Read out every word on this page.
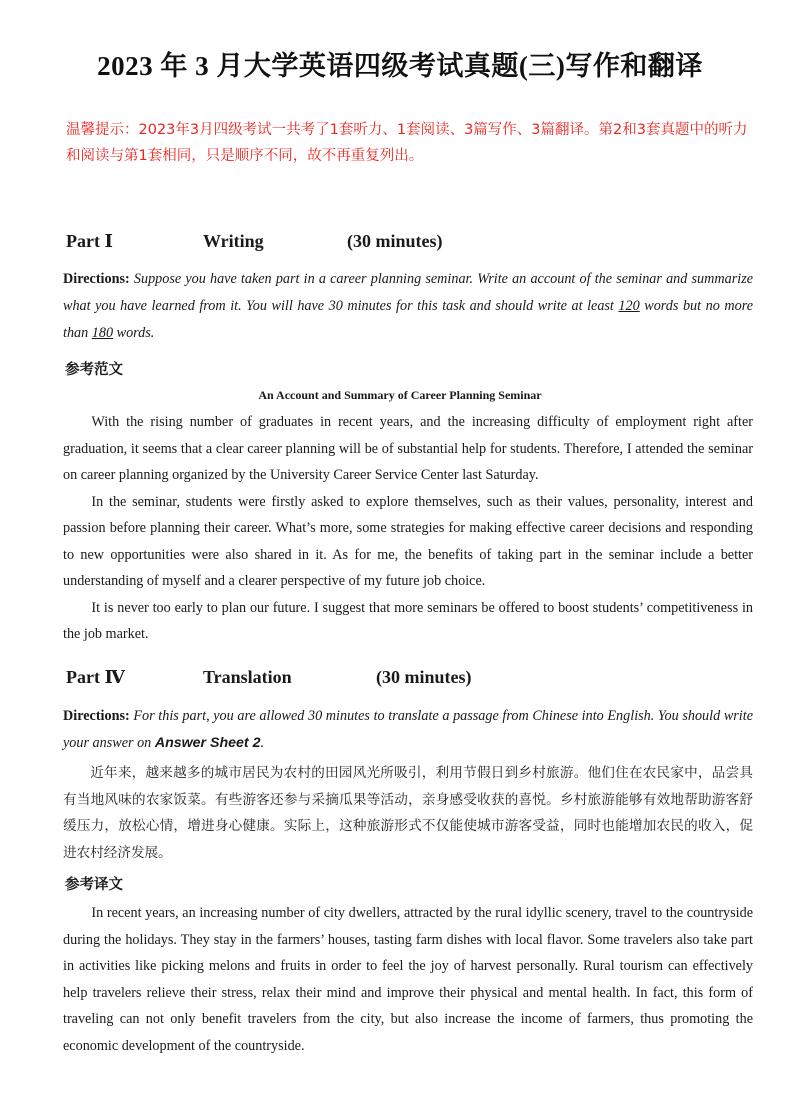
2023 年 3 月大学英语四级考试真题(三)写作和翻译
温馨提示：2023年3月四级考试一共考了1套听力、1套阅读、3篇写作、3篇翻译。第2和3套真题中的听力和阅读与第1套相同，只是顺序不同，故不再重复列出。
Part Ⅰ	Writing	(30 minutes)
Directions: Suppose you have taken part in a career planning seminar. Write an account of the seminar and summarize what you have learned from it. You will have 30 minutes for this task and should write at least 120 words but no more than 180 words.
参考范文
An Account and Summary of Career Planning Seminar

With the rising number of graduates in recent years, and the increasing difficulty of employment right after graduation, it seems that a clear career planning will be of substantial help for students. Therefore, I attended the seminar on career planning organized by the University Career Service Center last Saturday.

In the seminar, students were firstly asked to explore themselves, such as their values, personality, interest and passion before planning their career. What’s more, some strategies for making effective career decisions and responding to new opportunities were also shared in it. As for me, the benefits of taking part in the seminar include a better understanding of myself and a clearer perspective of my future job choice.

It is never too early to plan our future. I suggest that more seminars be offered to boost students’ competitiveness in the job market.

Part Ⅳ	Translation	(30 minutes)
Directions: For this part, you are allowed 30 minutes to translate a passage from Chinese into English. You should write your answer on Answer Sheet 2.
近年来，越来越多的城市居民为农村的田园风光所吸引，利用节假日到乡村旅游。他们住在农民家中，品尝具有当地风味的农家饭菜。有些游客还参与采摘瓜果等活动，亲身感受收获的喜悦。乡村旅游能够有效地帮助游客舒缓压力，放松心情，增进身心健康。实际上，这种旅游形式不仅能使城市游客受益，同时也能增加农民的收入，促进农村经济发展。
参考译文

In recent years, an increasing number of city dwellers, attracted by the rural idyllic scenery, travel to the countryside during the holidays. They stay in the farmers’ houses, tasting farm dishes with local flavor. Some travelers also take part in activities like picking melons and fruits in order to feel the joy of harvest personally. Rural tourism can effectively help travelers relieve their stress, relax their mind and improve their physical and mental health. In fact, this form of traveling can not only benefit travelers from the city, but also increase the income of farmers, thus promoting the economic development of the countryside.
